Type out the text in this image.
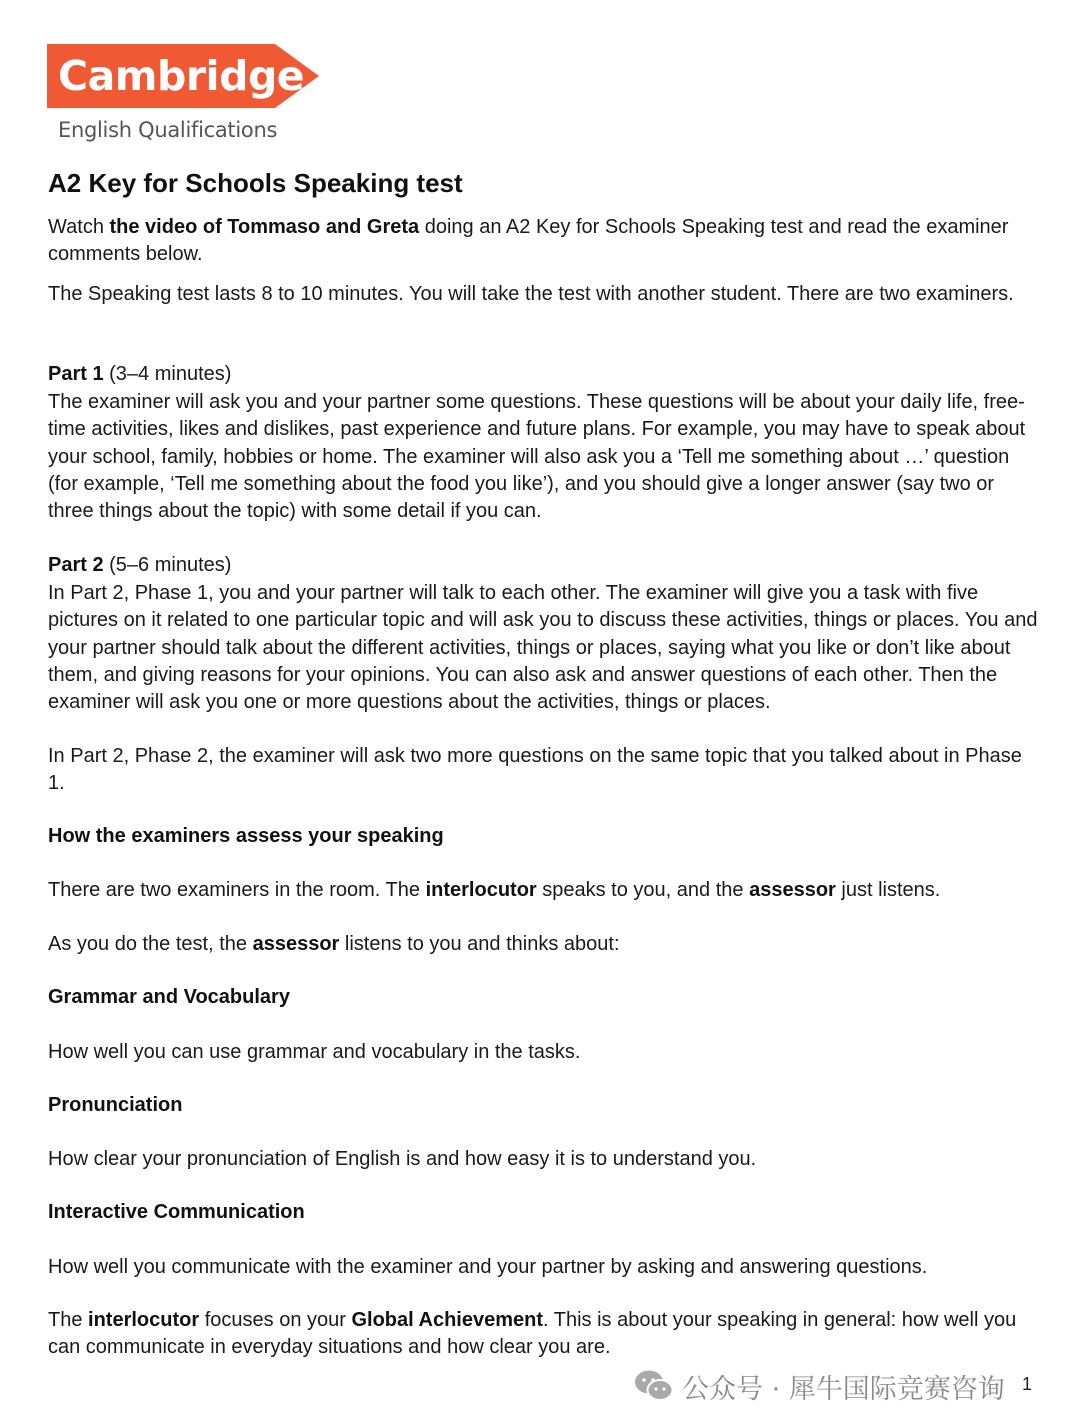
Cambridge
English Qualifications
A2 Key for Schools Speaking test

Watch the video of Tommaso and Greta doing an A2 Key for Schools Speaking test and read the examiner comments below.

The Speaking test lasts 8 to 10 minutes. You will take the test with another student. There are two examiners.

Part 1 (3–4 minutes)

The examiner will ask you and your partner some questions. These questions will be about your daily life, free-time activities, likes and dislikes, past experience and future plans. For example, you may have to speak about your school, family, hobbies or home. The examiner will also ask you a ‘Tell me something about …’ question (for example, ‘Tell me something about the food you like’), and you should give a longer answer (say two or three things about the topic) with some detail if you can.

Part 2 (5–6 minutes)

In Part 2, Phase 1, you and your partner will talk to each other. The examiner will give you a task with five pictures on it related to one particular topic and will ask you to discuss these activities, things or places. You and your partner should talk about the different activities, things or places, saying what you like or don’t like about them, and giving reasons for your opinions. You can also ask and answer questions of each other. Then the examiner will ask you one or more questions about the activities, things or places.

In Part 2, Phase 2, the examiner will ask two more questions on the same topic that you talked about in Phase 1.

How the examiners assess your speaking

There are two examiners in the room. The interlocutor speaks to you, and the assessor just listens.

As you do the test, the assessor listens to you and thinks about:

Grammar and Vocabulary

How well you can use grammar and vocabulary in the tasks.

Pronunciation

How clear your pronunciation of English is and how easy it is to understand you.

Interactive Communication

How well you communicate with the examiner and your partner by asking and answering questions.

The interlocutor focuses on your Global Achievement. This is about your speaking in general: how well you can communicate in everyday situations and how clear you are.

公众号 · 犀牛国际竞赛咨询 1
